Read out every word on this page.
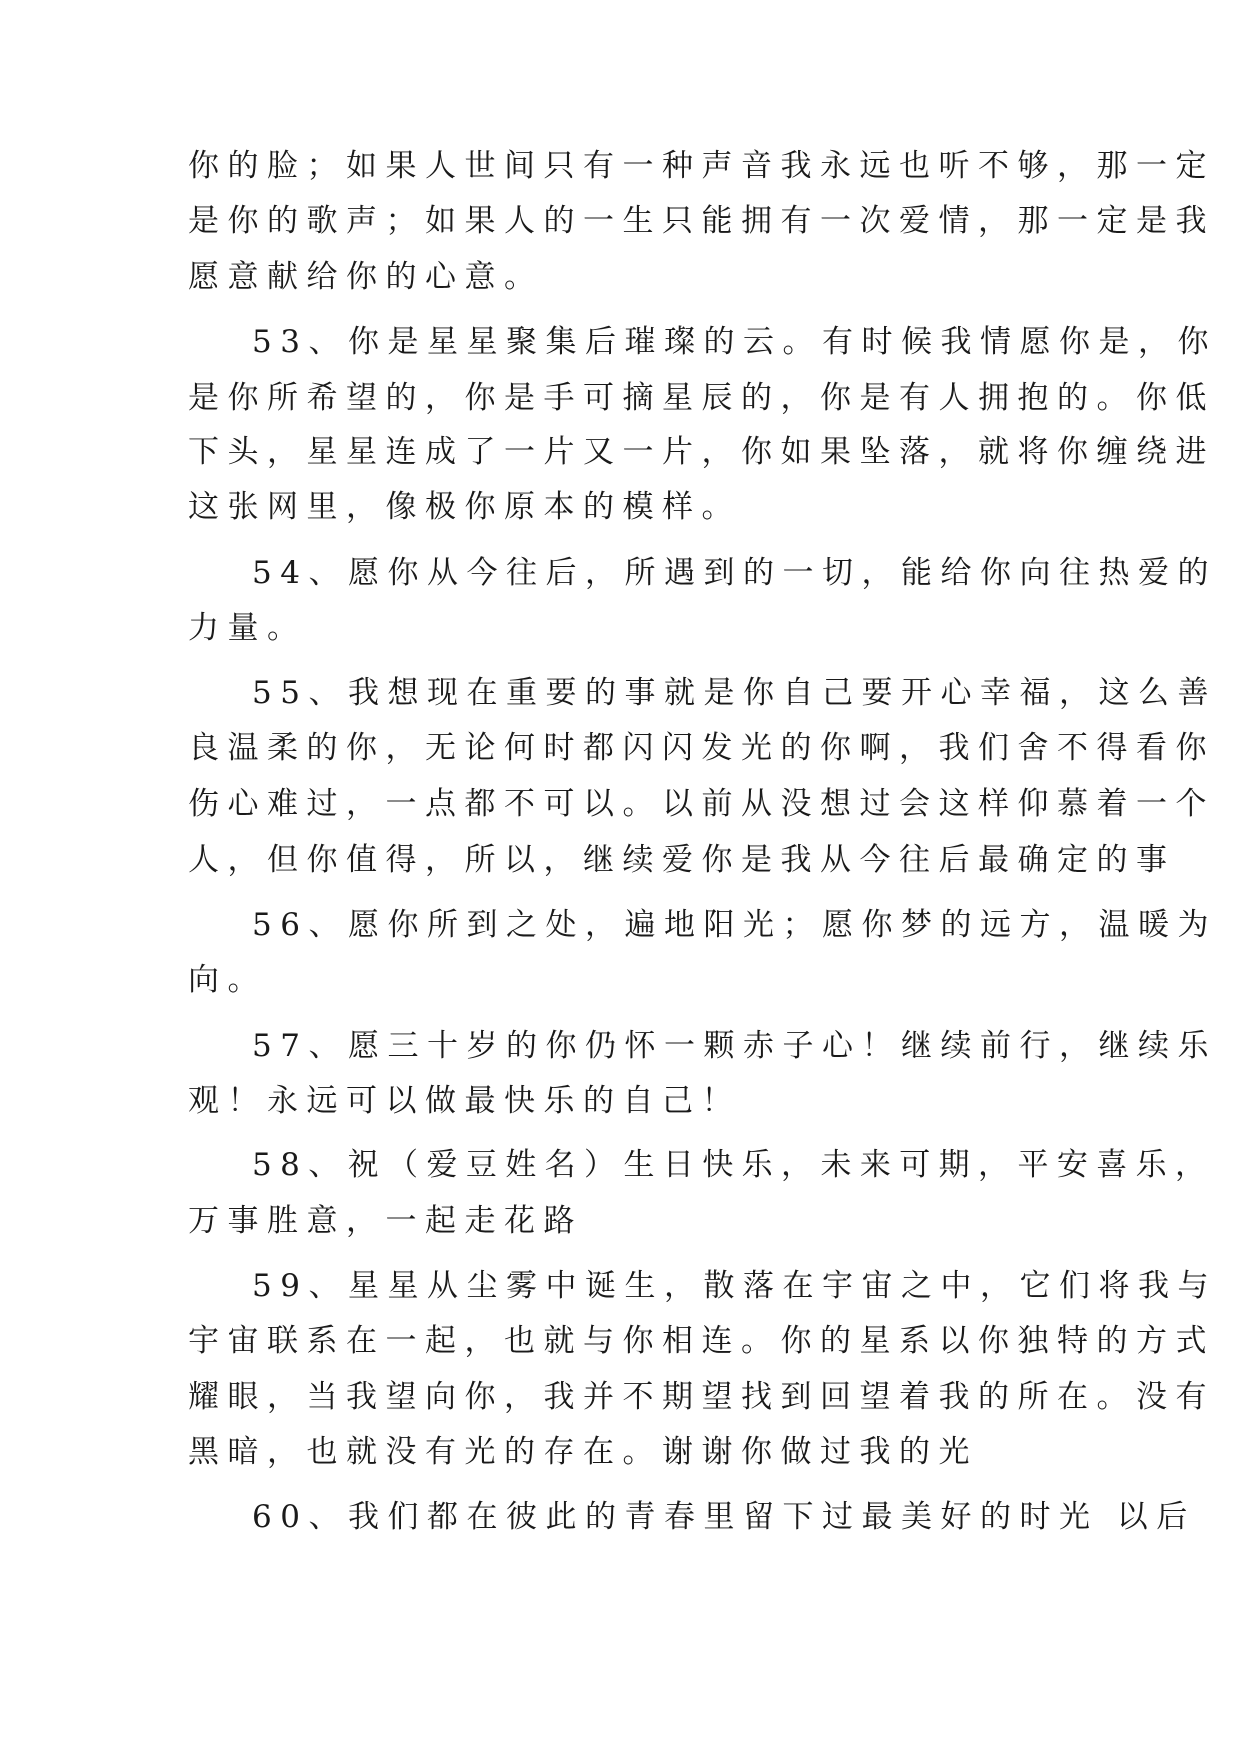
你的脸；如果人世间只有一种声音我永远也听不够，那一定

是你的歌声；如果人的一生只能拥有一次爱情，那一定是我

愿意献给你的心意。

53、你是星星聚集后璀璨的云。有时候我情愿你是，你

是你所希望的，你是手可摘星辰的，你是有人拥抱的。你低

下头，星星连成了一片又一片，你如果坠落，就将你缠绕进

这张网里，像极你原本的模样。

54、愿你从今往后，所遇到的一切，能给你向往热爱的

力量。

55、我想现在重要的事就是你自己要开心幸福，这么善

良温柔的你，无论何时都闪闪发光的你啊，我们舍不得看你

伤心难过，一点都不可以。以前从没想过会这样仰慕着一个

人，但你值得，所以，继续爱你是我从今往后最确定的事

56、愿你所到之处，遍地阳光；愿你梦的远方，温暖为

向。

57、愿三十岁的你仍怀一颗赤子心！继续前行，继续乐

观！永远可以做最快乐的自己！

58、祝（爱豆姓名）生日快乐，未来可期，平安喜乐，

万事胜意，一起走花路

59、星星从尘雾中诞生，散落在宇宙之中，它们将我与

宇宙联系在一起，也就与你相连。你的星系以你独特的方式

耀眼，当我望向你，我并不期望找到回望着我的所在。没有

黑暗，也就没有光的存在。谢谢你做过我的光

60、我们都在彼此的青春里留下过最美好的时光 以后
